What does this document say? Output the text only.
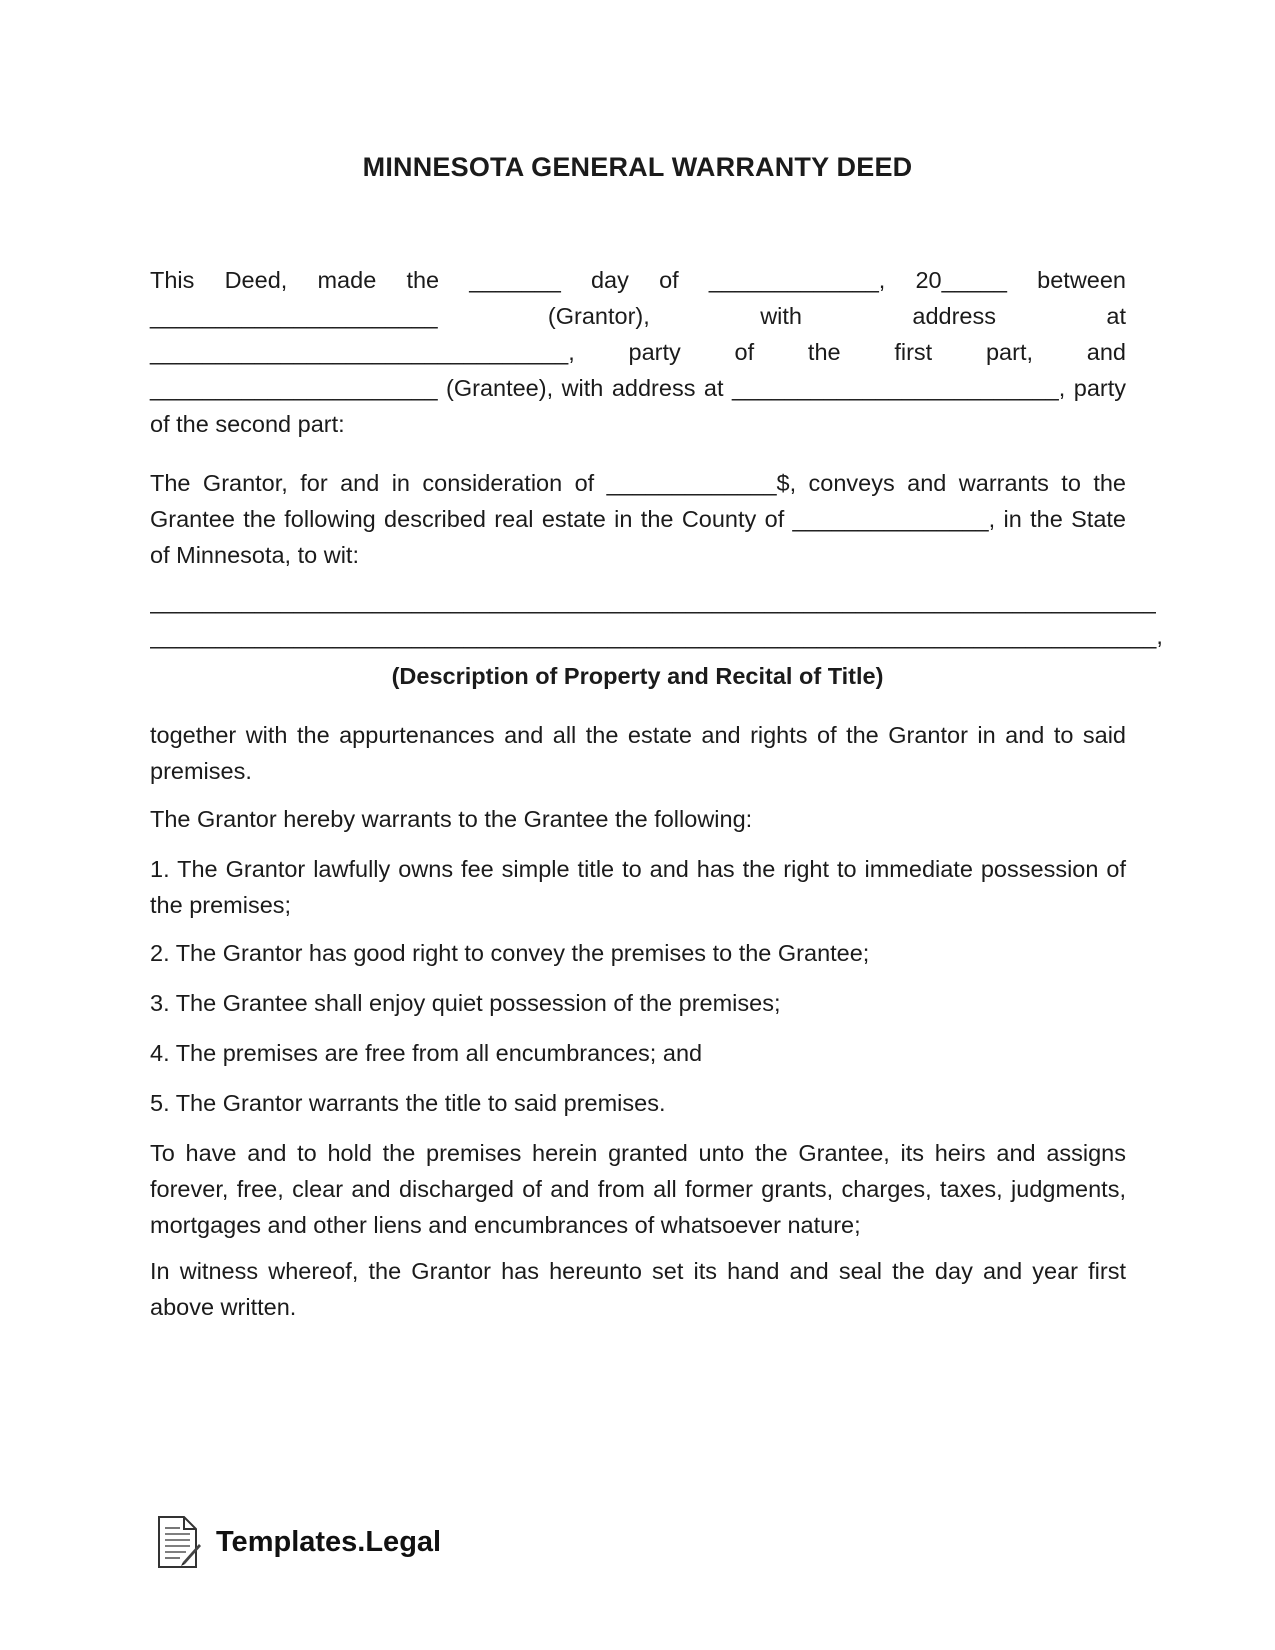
MINNESOTA GENERAL WARRANTY DEED

This Deed, made the _______ day of _____________, 20_____ between ______________________ (Grantor), with address at ________________________________, party of the first part, and ______________________ (Grantee), with address at _________________________, party of the second part:

The Grantor, for and in consideration of _____________$, conveys and warrants to the Grantee the following described real estate in the County of _______________, in the State of Minnesota, to wit:

_____________________________________________________________________________
_____________________________________________________________________________,
(Description of Property and Recital of Title)

together with the appurtenances and all the estate and rights of the Grantor in and to said premises.

The Grantor hereby warrants to the Grantee the following:

1. The Grantor lawfully owns fee simple title to and has the right to immediate possession of the premises;

2. The Grantor has good right to convey the premises to the Grantee;

3. The Grantee shall enjoy quiet possession of the premises;

4. The premises are free from all encumbrances; and

5. The Grantor warrants the title to said premises.

To have and to hold the premises herein granted unto the Grantee, its heirs and assigns forever, free, clear and discharged of and from all former grants, charges, taxes, judgments, mortgages and other liens and encumbrances of whatsoever nature;

In witness whereof, the Grantor has hereunto set its hand and seal the day and year first above written.

Templates.Legal
